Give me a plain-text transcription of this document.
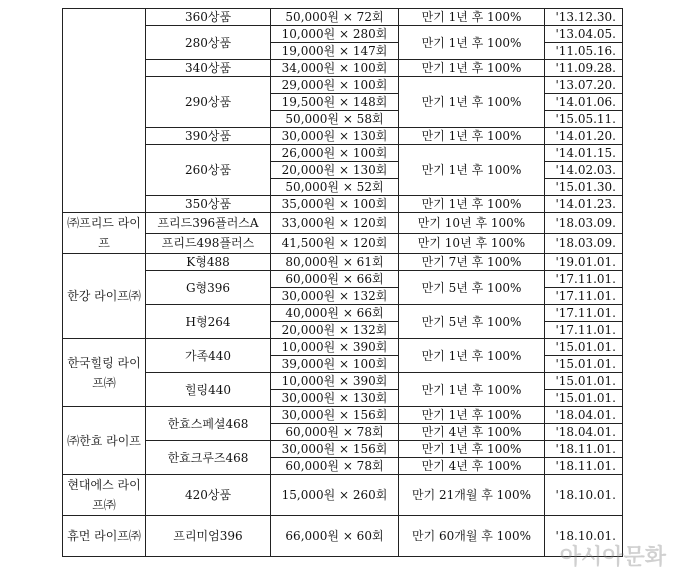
	360상품	50,000원 × 72회	만기 1년 후 100%	'13.12.30.
	280상품	10,000원 × 280회	만기 1년 후 100%	'13.04.05.
		19,000원 × 147회		'11.05.16.
	340상품	34,000원 × 100회	만기 1년 후 100%	'11.09.28.
	290상품	29,000원 × 100회	만기 1년 후 100%	'13.07.20.
		19,500원 × 148회		'14.01.06.
		50,000원 × 58회		'15.05.11.
	390상품	30,000원 × 130회	만기 1년 후 100%	'14.01.20.
	260상품	26,000원 × 100회	만기 1년 후 100%	'14.01.15.
		20,000원 × 130회		'14.02.03.
		50,000원 × 52회		'15.01.30.
	350상품	35,000원 × 100회	만기 1년 후 100%	'14.01.23.
㈜프리드 라이프	프리드396플러스A	33,000원 × 120회	만기 10년 후 100%	'18.03.09.
	프리드498플러스	41,500원 × 120회	만기 10년 후 100%	'18.03.09.
한강 라이프㈜	K형488	80,000원 × 61회	만기 7년 후 100%	'19.01.01.
	G형396	60,000원 × 66회	만기 5년 후 100%	'17.11.01.
		30,000원 × 132회		'17.11.01.
	H형264	40,000원 × 66회	만기 5년 후 100%	'17.11.01.
		20,000원 × 132회		'17.11.01.
한국힐링 라이프㈜	가족440	10,000원 × 390회	만기 1년 후 100%	'15.01.01.
		39,000원 × 100회		'15.01.01.
	힐링440	10,000원 × 390회	만기 1년 후 100%	'15.01.01.
		30,000원 × 130회		'15.01.01.
㈜한효 라이프	한효스페셜468	30,000원 × 156회	만기 1년 후 100%	'18.04.01.
		60,000원 × 78회	만기 4년 후 100%	'18.04.01.
	한효크루즈468	30,000원 × 156회	만기 1년 후 100%	'18.11.01.
		60,000원 × 78회	만기 4년 후 100%	'18.11.01.
현대에스 라이프㈜	420상품	15,000원 × 260회	만기 21개월 후 100%	'18.10.01.
휴먼 라이프㈜	프리미엄396	66,000원 × 60회	만기 60개월 후 100%	'18.10.01.
아시아문화
